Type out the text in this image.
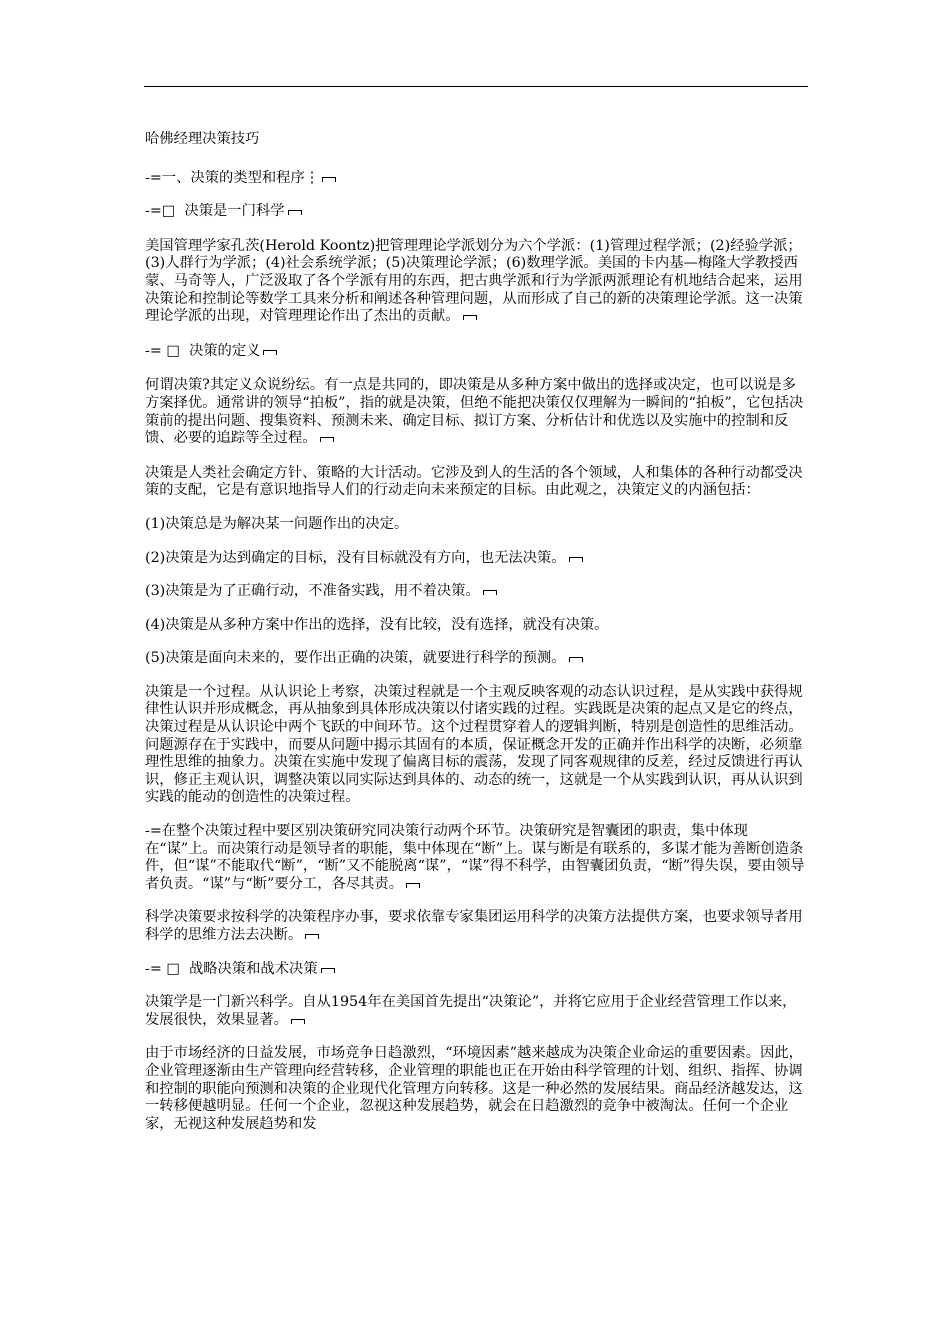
哈佛经理决策技巧

-=一、决策的类型和程序⋮

-=□  决策是一门科学

美国管理学家孔茨(Herold Koontz)把管理理论学派划分为六个学派：(1)管理过程学派；(2)经验学派；(3)人群行为学派；(4)社会系统学派；(5)决策理论学派；(6)数理学派。美国的卡内基—梅隆大学教授西蒙、马奇等人，广泛汲取了各个学派有用的东西，把古典学派和行为学派两派理论有机地结合起来，运用决策论和控制论等数学工具来分析和阐述各种管理问题，从而形成了自己的新的决策理论学派。这一决策理论学派的出现，对管理理论作出了杰出的贡献。

-= □  决策的定义

何谓决策?其定义众说纷纭。有一点是共同的，即决策是从多种方案中做出的选择或决定，也可以说是多方案择优。通常讲的领导“拍板”，指的就是决策，但绝不能把决策仅仅理解为一瞬间的“拍板”，它包括决策前的提出问题、搜集资料、预测未来、确定目标、拟订方案、分析估计和优选以及实施中的控制和反馈、必要的追踪等全过程。

决策是人类社会确定方针、策略的大计活动。它涉及到人的生活的各个领域，人和集体的各种行动都受决策的支配，它是有意识地指导人们的行动走向未来预定的目标。由此观之，决策定义的内涵包括：

(1)决策总是为解决某一问题作出的决定。

(2)决策是为达到确定的目标，没有目标就没有方向，也无法决策。

(3)决策是为了正确行动，不准备实践，用不着决策。

(4)决策是从多种方案中作出的选择，没有比较，没有选择，就没有决策。

(5)决策是面向未来的，要作出正确的决策，就要进行科学的预测。

决策是一个过程。从认识论上考察，决策过程就是一个主观反映客观的动态认识过程，是从实践中获得规律性认识并形成概念，再从抽象到具体形成决策以付诸实践的过程。实践既是决策的起点又是它的终点，决策过程是从认识论中两个飞跃的中间环节。这个过程贯穿着人的逻辑判断，特别是创造性的思维活动。问题源存在于实践中，而要从问题中揭示其固有的本质，保证概念开发的正确并作出科学的决断，必须靠理性思维的抽象力。决策在实施中发现了偏离目标的震荡，发现了同客观规律的反差，经过反馈进行再认识，修正主观认识，调整决策以同实际达到具体的、动态的统一，这就是一个从实践到认识，再从认识到实践的能动的创造性的决策过程。

-=在整个决策过程中要区别决策研究同决策行动两个环节。决策研究是智囊团的职责，集中体现在“谋”上。而决策行动是领导者的职能，集中体现在“断”上。谋与断是有联系的，多谋才能为善断创造条件，但“谋”不能取代“断”，“断”又不能脱离“谋”，“谋”得不科学，由智囊团负责，“断”得失误，要由领导者负责。“谋”与“断”要分工，各尽其责。

科学决策要求按科学的决策程序办事，要求依靠专家集团运用科学的决策方法提供方案，也要求领导者用科学的思维方法去决断。

-= □  战略决策和战术决策

决策学是一门新兴科学。自从1954年在美国首先提出“决策论”，并将它应用于企业经营管理工作以来，发展很快，效果显著。

由于市场经济的日益发展，市场竞争日趋激烈，“环境因素”越来越成为决策企业命运的重要因素。因此，企业管理逐渐由生产管理向经营转移，企业管理的职能也正在开始由科学管理的计划、组织、指挥、协调和控制的职能向预测和决策的企业现代化管理方向转移。这是一种必然的发展结果。商品经济越发达，这一转移便越明显。任何一个企业，忽视这种发展趋势，就会在日趋激烈的竞争中被淘汰。任何一个企业家，无视这种发展趋势和发
